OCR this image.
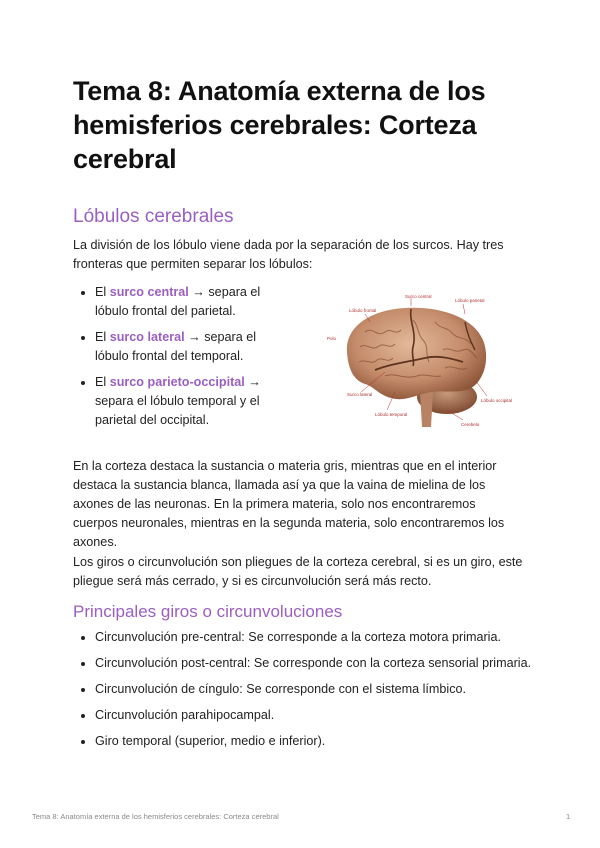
Tema 8: Anatomía externa de los hemisferios cerebrales: Corteza cerebral
Lóbulos cerebrales

La división de los lóbulo viene dada por la separación de los surcos. Hay tres fronteras que permiten separar los lóbulos:

El surco central → separa el lóbulo frontal del parietal.
El surco lateral → separa el lóbulo frontal del temporal.
El surco parieto-occipital → separa el lóbulo temporal y el parietal del occipital.
Surco central
Lóbulo frontal
Lóbulo parietal
Surco lateral
Lóbulo temporal
Lóbulo occipital
Cerebelo
Polo

En la corteza destaca la sustancia o materia gris, mientras que en el interior destaca la sustancia blanca, llamada así ya que la vaina de mielina de los axones de las neuronas. En la primera materia, solo nos encontraremos cuerpos neuronales, mientras en la segunda materia, solo encontraremos los axones.

Los giros o circunvolución son pliegues de la corteza cerebral, si es un giro, este pliegue será más cerrado, y si es circunvolución será más recto.

Principales giros o circunvoluciones
Circunvolución pre-central: Se corresponde a la corteza motora primaria.
Circunvolución post-central: Se corresponde con la corteza sensorial primaria.
Circunvolución de cíngulo: Se corresponde con el sistema límbico.
Circunvolución parahipocampal.
Giro temporal (superior, medio e inferior).
Tema 8: Anatomía externa de los hemisferios cerebrales: Corteza cerebral	1
